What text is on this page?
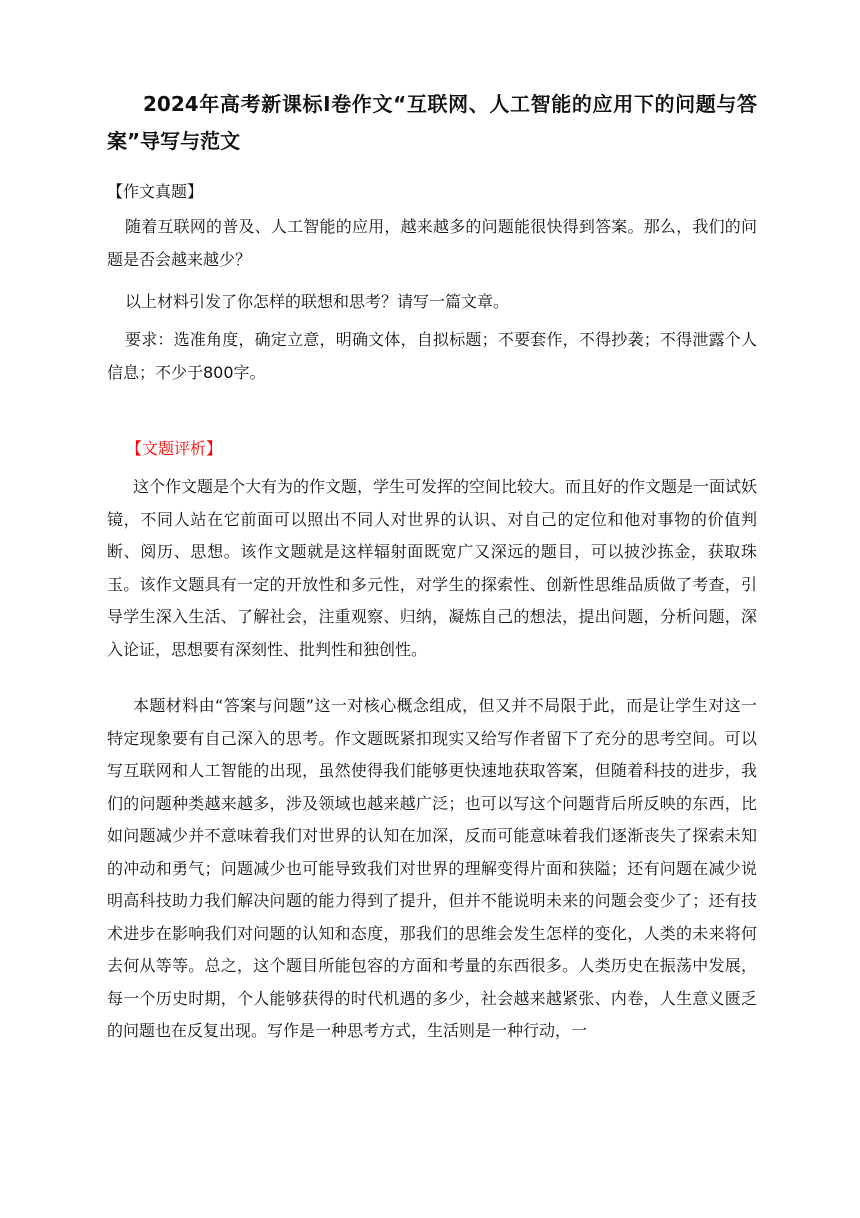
2024年高考新课标I卷作文“互联网、人工智能的应用下的问题与答案”导写与范文

【作文真题】

随着互联网的普及、人工智能的应用，越来越多的问题能很快得到答案。那么，我们的问题是否会越来越少？

以上材料引发了你怎样的联想和思考？请写一篇文章。

要求：选准角度，确定立意，明确文体，自拟标题；不要套作，不得抄袭；不得泄露个人信息；不少于800字。

【文题评析】

这个作文题是个大有为的作文题，学生可发挥的空间比较大。而且好的作文题是一面试妖镜，不同人站在它前面可以照出不同人对世界的认识、对自己的定位和他对事物的价值判断、阅历、思想。该作文题就是这样辐射面既宽广又深远的题目，可以披沙拣金，获取珠玉。该作文题具有一定的开放性和多元性，对学生的探索性、创新性思维品质做了考查，引导学生深入生活、了解社会，注重观察、归纳，凝炼自己的想法，提出问题，分析问题，深入论证，思想要有深刻性、批判性和独创性。

本题材料由“答案与问题”这一对核心概念组成，但又并不局限于此，而是让学生对这一特定现象要有自己深入的思考。作文题既紧扣现实又给写作者留下了充分的思考空间。可以写互联网和人工智能的出现，虽然使得我们能够更快速地获取答案，但随着科技的进步，我们的问题种类越来越多，涉及领域也越来越广泛；也可以写这个问题背后所反映的东西，比如问题减少并不意味着我们对世界的认知在加深，反而可能意味着我们逐渐丧失了探索未知的冲动和勇气；问题减少也可能导致我们对世界的理解变得片面和狭隘；还有问题在减少说明高科技助力我们解决问题的能力得到了提升，但并不能说明未来的问题会变少了；还有技术进步在影响我们对问题的认知和态度，那我们的思维会发生怎样的变化，人类的未来将何去何从等等。总之，这个题目所能包容的方面和考量的东西很多。人类历史在振荡中发展，每一个历史时期，个人能够获得的时代机遇的多少，社会越来越紧张、内卷，人生意义匮乏的问题也在反复出现。写作是一种思考方式，生活则是一种行动，一
